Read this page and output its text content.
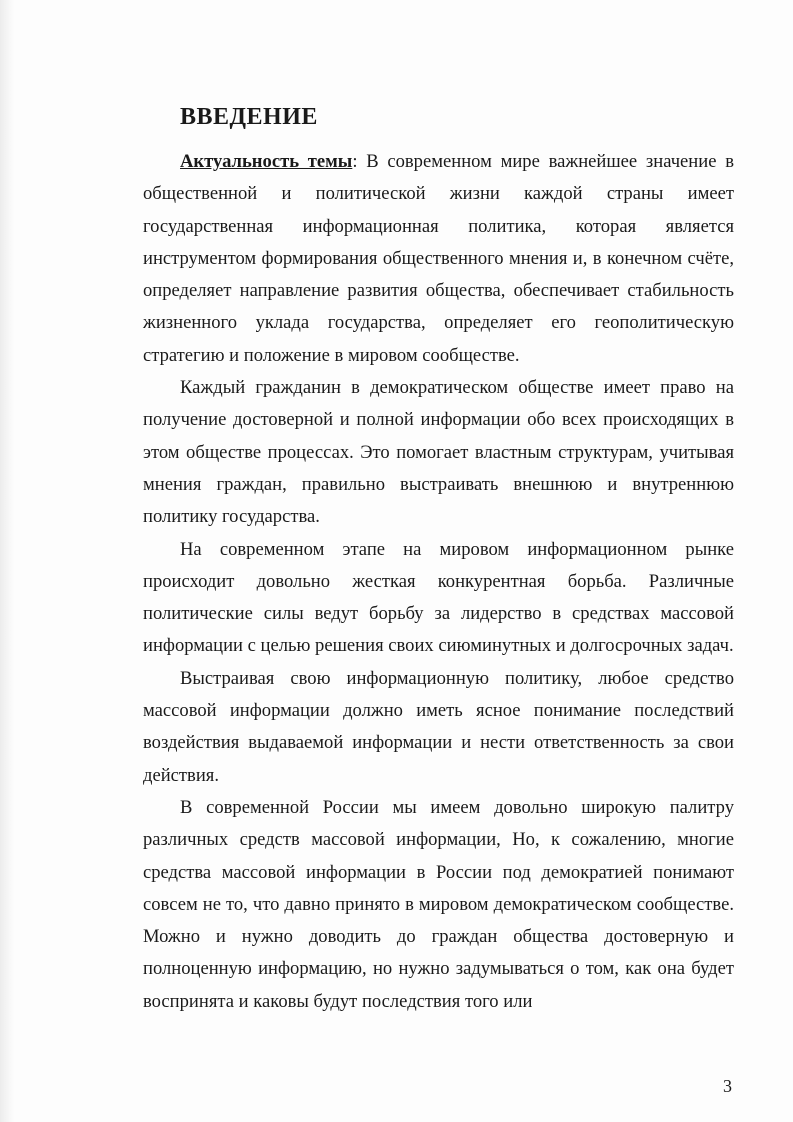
ВВЕДЕНИЕ

Актуальность темы: В современном мире важнейшее значение в общественной и политической жизни каждой страны имеет государственная информационная политика, которая является инструментом формирования общественного мнения и, в конечном счёте, определяет направление развития общества, обеспечивает стабильность жизненного уклада государства, определяет его геополитическую стратегию и положение в мировом сообществе.

Каждый гражданин в демократическом обществе имеет право на получение достоверной и полной информации обо всех происходящих в этом обществе процессах. Это помогает властным структурам, учитывая мнения граждан, правильно выстраивать внешнюю и внутреннюю политику государства.

На современном этапе на мировом информационном рынке происходит довольно жесткая конкурентная борьба. Различные политические силы ведут борьбу за лидерство в средствах массовой информации с целью решения своих сиюминутных и долгосрочных задач.

Выстраивая свою информационную политику, любое средство массовой информации должно иметь ясное понимание последствий воздействия выдаваемой информации и нести ответственность за свои действия.

В современной России мы имеем довольно широкую палитру различных средств массовой информации, Но, к сожалению, многие средства массовой информации в России под демократией понимают совсем не то, что давно принято в мировом демократическом сообществе. Можно и нужно доводить до граждан общества достоверную и полноценную информацию, но нужно задумываться о том, как она будет воспринята и каковы будут последствия того или

3
